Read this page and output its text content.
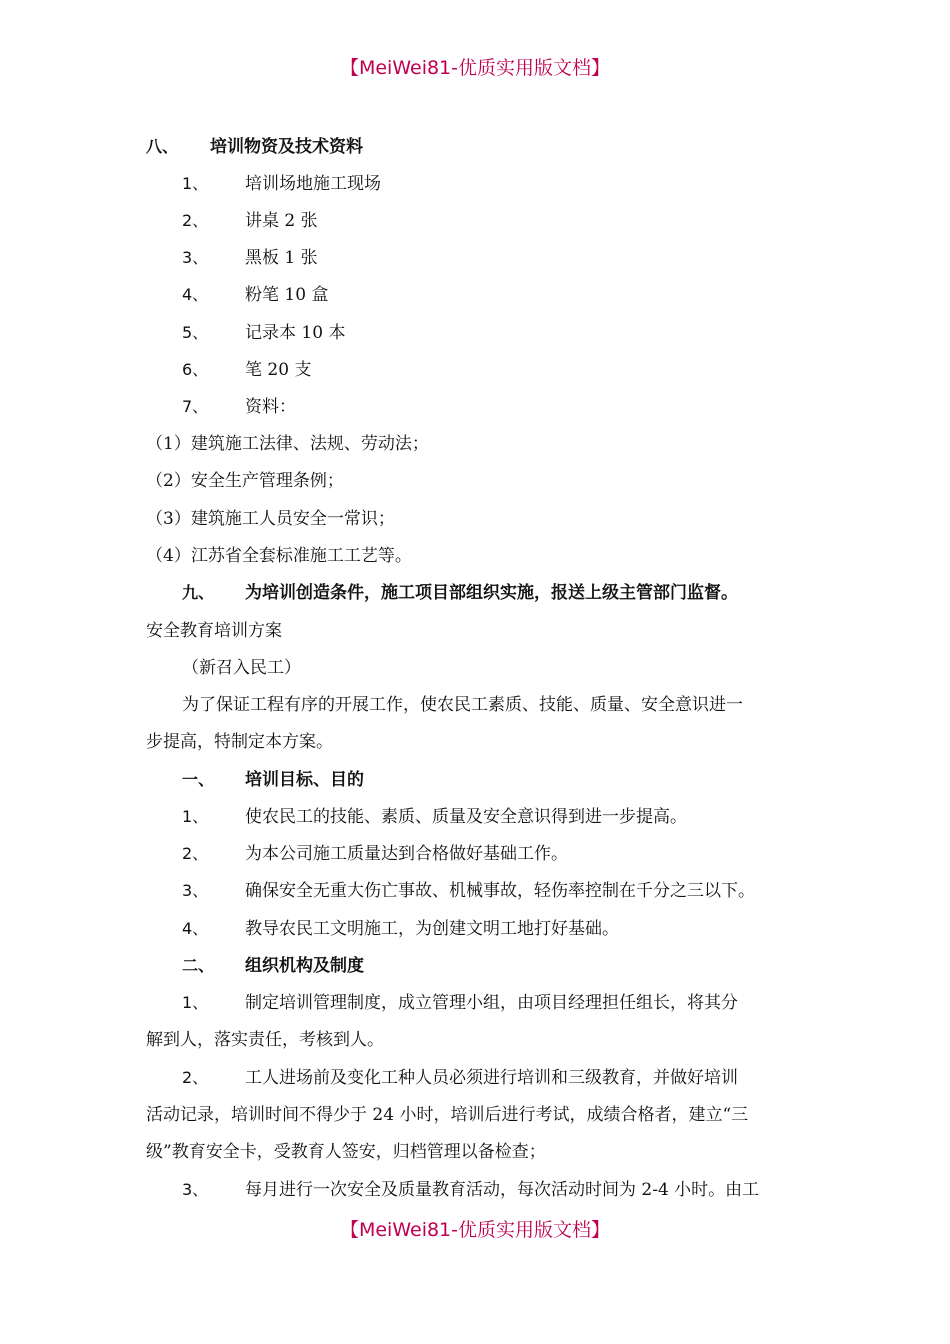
【MeiWei81-优质实用版文档】
八、 培训物资及技术资料
1、 培训场地施工现场
2、 讲桌 2 张
3、 黑板 1 张
4、 粉笔 10 盒
5、 记录本 10 本
6、 笔 20 支
7、 资料：
（1）建筑施工法律、法规、劳动法；
（2）安全生产管理条例；
（3）建筑施工人员安全一常识；
（4）江苏省全套标准施工工艺等。
九、 为培训创造条件，施工项目部组织实施，报送上级主管部门监督。
安全教育培训方案
（新召入民工）
为了保证工程有序的开展工作，使农民工素质、技能、质量、安全意识进一
步提高，特制定本方案。
一、 培训目标、目的
1、 使农民工的技能、素质、质量及安全意识得到进一步提高。
2、 为本公司施工质量达到合格做好基础工作。
3、 确保安全无重大伤亡事故、机械事故，轻伤率控制在千分之三以下。
4、 教导农民工文明施工，为创建文明工地打好基础。
二、 组织机构及制度
1、 制定培训管理制度，成立管理小组，由项目经理担任组长，将其分
解到人，落实责任，考核到人。
2、 工人进场前及变化工种人员必须进行培训和三级教育，并做好培训
活动记录，培训时间不得少于 24 小时，培训后进行考试，成绩合格者，建立“三
级”教育安全卡，受教育人签安，归档管理以备检查；
3、 每月进行一次安全及质量教育活动，每次活动时间为 2-4 小时。由工
【MeiWei81-优质实用版文档】
